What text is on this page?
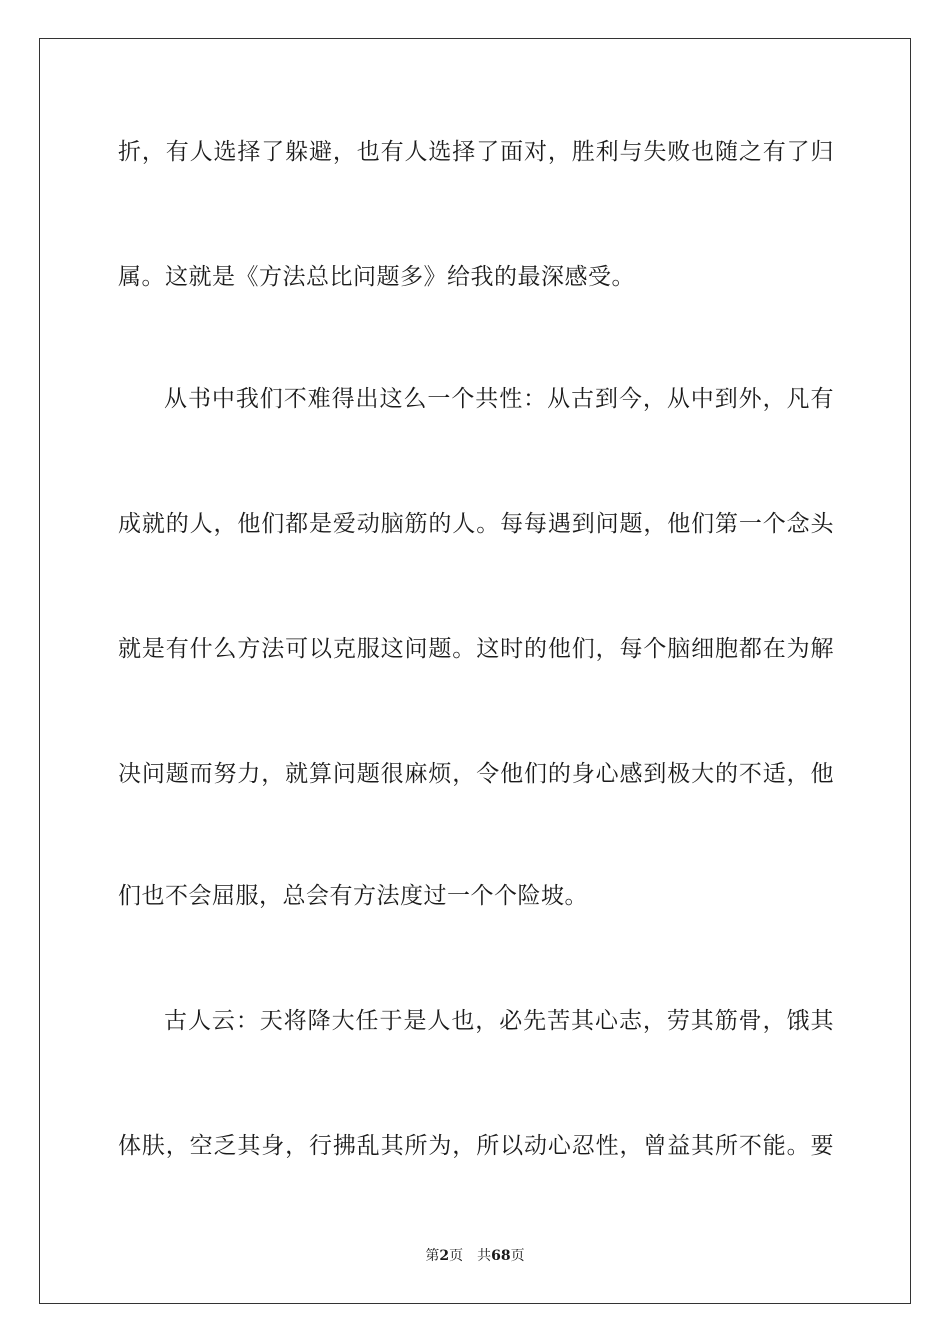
折，有人选择了躲避，也有人选择了面对，胜利与失败也随之有了归
属。这就是《方法总比问题多》给我的最深感受。
从书中我们不难得出这么一个共性：从古到今，从中到外，凡有
成就的人，他们都是爱动脑筋的人。每每遇到问题，他们第一个念头
就是有什么方法可以克服这问题。这时的他们，每个脑细胞都在为解
决问题而努力，就算问题很麻烦，令他们的身心感到极大的不适，他
们也不会屈服，总会有方法度过一个个险坡。
古人云：天将降大任于是人也，必先苦其心志，劳其筋骨，饿其
体肤，空乏其身，行拂乱其所为，所以动心忍性，曾益其所不能。要
第2页 共68页
